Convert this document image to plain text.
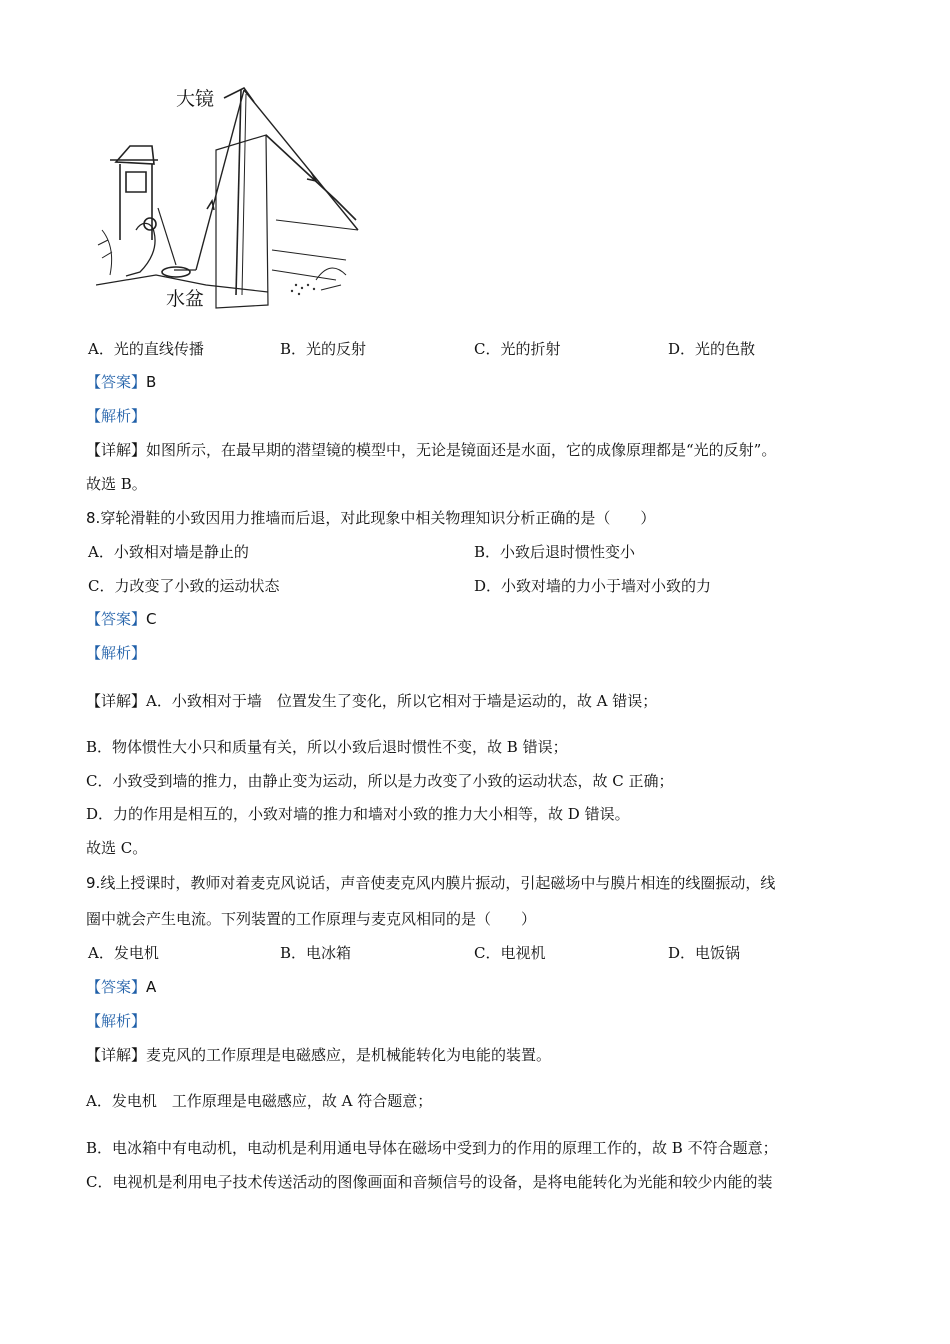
大镜
水盆
A．光的直线传播	B．光的反射	C．光的折射	D．光的色散
【答案】B
【解析】
【详解】如图所示，在最早期的潜望镜的模型中，无论是镜面还是水面，它的成像原理都是“光的反射”。
故选 B。
8.穿轮滑鞋的小致因用力推墙而后退，对此现象中相关物理知识分析正确的是（　　）
A．小致相对墙是静止的	B．小致后退时惯性变小
C．力改变了小致的运动状态	D．小致对墙的力小于墙对小致的力
【答案】C
【解析】
【详解】A．小致相对于墙　位置发生了变化，所以它相对于墙是运动的，故 A 错误；
B．物体惯性大小只和质量有关，所以小致后退时惯性不变，故 B 错误；
C．小致受到墙的推力，由静止变为运动，所以是力改变了小致的运动状态，故 C 正确；
D．力的作用是相互的，小致对墙的推力和墙对小致的推力大小相等，故 D 错误。
故选 C。
9.线上授课时，教师对着麦克风说话，声音使麦克风内膜片振动，引起磁场中与膜片相连的线圈振动，线
圈中就会产生电流。下列装置的工作原理与麦克风相同的是（　　）
A．发电机	B．电冰箱	C．电视机	D．电饭锅
【答案】A
【解析】
【详解】麦克风的工作原理是电磁感应，是机械能转化为电能的装置。
A．发电机　工作原理是电磁感应，故 A 符合题意；
B．电冰箱中有电动机，电动机是利用通电导体在磁场中受到力的作用的原理工作的，故 B 不符合题意；
C．电视机是利用电子技术传送活动的图像画面和音频信号的设备，是将电能转化为光能和较少内能的装
